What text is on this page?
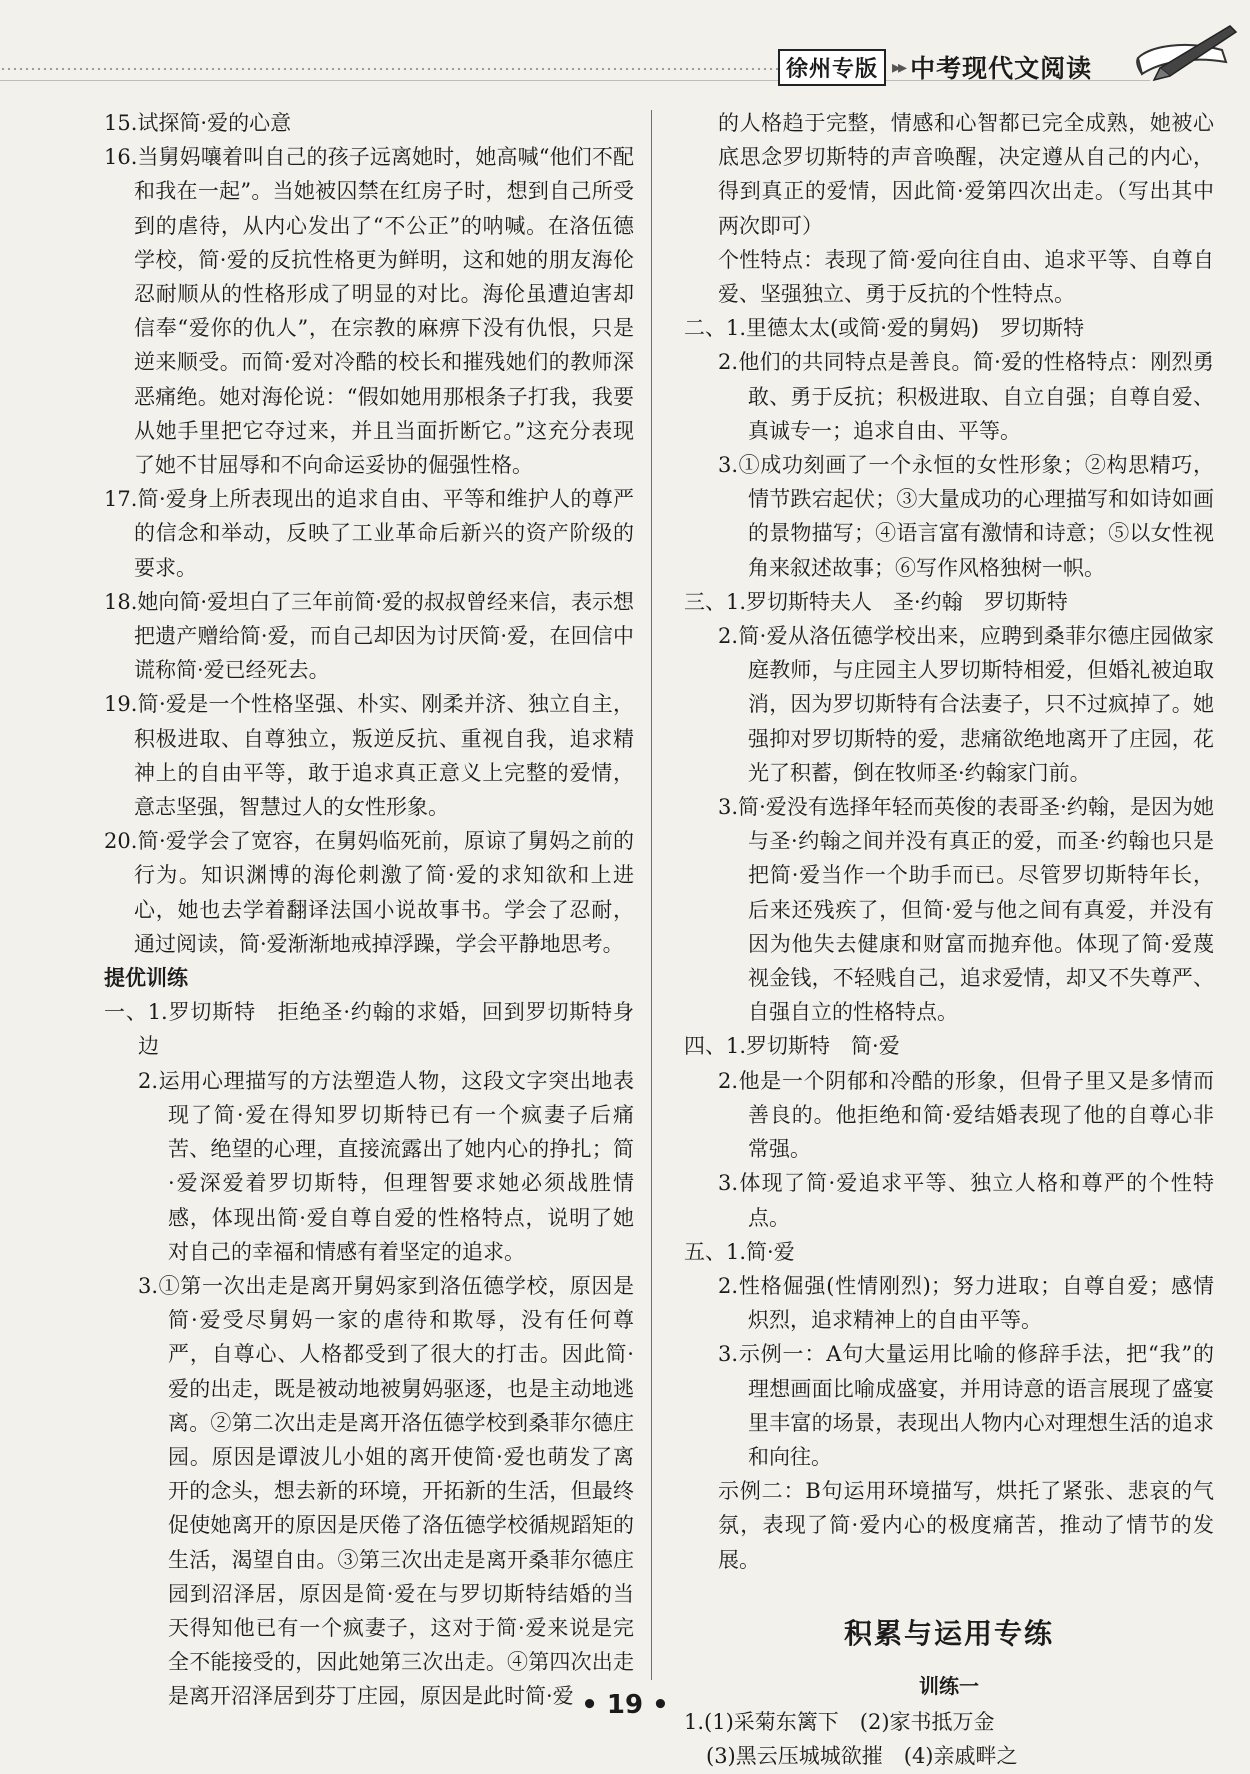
徐州专版 ▸▸ 中考现代文阅读

15.试探简·爱的心意

16.当舅妈嚷着叫自己的孩子远离她时，她高喊“他们不配和我在一起”。当她被囚禁在红房子时，想到自己所受到的虐待，从内心发出了“不公正”的呐喊。在洛伍德学校，简·爱的反抗性格更为鲜明，这和她的朋友海伦忍耐顺从的性格形成了明显的对比。海伦虽遭迫害却信奉“爱你的仇人”，在宗教的麻痹下没有仇恨，只是逆来顺受。而简·爱对冷酷的校长和摧残她们的教师深恶痛绝。她对海伦说：“假如她用那根条子打我，我要从她手里把它夺过来，并且当面折断它。”这充分表现了她不甘屈辱和不向命运妥协的倔强性格。

17.简·爱身上所表现出的追求自由、平等和维护人的尊严的信念和举动，反映了工业革命后新兴的资产阶级的要求。

18.她向简·爱坦白了三年前简·爱的叔叔曾经来信，表示想把遗产赠给简·爱，而自己却因为讨厌简·爱，在回信中谎称简·爱已经死去。

19.简·爱是一个性格坚强、朴实、刚柔并济、独立自主，积极进取、自尊独立，叛逆反抗、重视自我，追求精神上的自由平等，敢于追求真正意义上完整的爱情，意志坚强，智慧过人的女性形象。

20.简·爱学会了宽容，在舅妈临死前，原谅了舅妈之前的行为。知识渊博的海伦刺激了简·爱的求知欲和上进心，她也去学着翻译法国小说故事书。学会了忍耐，通过阅读，简·爱渐渐地戒掉浮躁，学会平静地思考。

提优训练

一、1.罗切斯特　拒绝圣·约翰的求婚，回到罗切斯特身边

2.运用心理描写的方法塑造人物，这段文字突出地表现了简·爱在得知罗切斯特已有一个疯妻子后痛苦、绝望的心理，直接流露出了她内心的挣扎；简·爱深爱着罗切斯特，但理智要求她必须战胜情感，体现出简·爱自尊自爱的性格特点，说明了她对自己的幸福和情感有着坚定的追求。

3.①第一次出走是离开舅妈家到洛伍德学校，原因是简·爱受尽舅妈一家的虐待和欺辱，没有任何尊严，自尊心、人格都受到了很大的打击。因此简·爱的出走，既是被动地被舅妈驱逐，也是主动地逃离。②第二次出走是离开洛伍德学校到桑菲尔德庄园。原因是谭波儿小姐的离开使简·爱也萌发了离开的念头，想去新的环境，开拓新的生活，但最终促使她离开的原因是厌倦了洛伍德学校循规蹈矩的生活，渴望自由。③第三次出走是离开桑菲尔德庄园到沼泽居，原因是简·爱在与罗切斯特结婚的当天得知他已有一个疯妻子，这对于简·爱来说是完全不能接受的，因此她第三次出走。④第四次出走是离开沼泽居到芬丁庄园，原因是此时简·爱

的人格趋于完整，情感和心智都已完全成熟，她被心底思念罗切斯特的声音唤醒，决定遵从自己的内心，得到真正的爱情，因此简·爱第四次出走。（写出其中两次即可）

个性特点：表现了简·爱向往自由、追求平等、自尊自爱、坚强独立、勇于反抗的个性特点。

二、1.里德太太(或简·爱的舅妈)　罗切斯特

2.他们的共同特点是善良。简·爱的性格特点：刚烈勇敢、勇于反抗；积极进取、自立自强；自尊自爱、真诚专一；追求自由、平等。

3.①成功刻画了一个永恒的女性形象；②构思精巧，情节跌宕起伏；③大量成功的心理描写和如诗如画的景物描写；④语言富有激情和诗意；⑤以女性视角来叙述故事；⑥写作风格独树一帜。

三、1.罗切斯特夫人　圣·约翰　罗切斯特

2.简·爱从洛伍德学校出来，应聘到桑菲尔德庄园做家庭教师，与庄园主人罗切斯特相爱，但婚礼被迫取消，因为罗切斯特有合法妻子，只不过疯掉了。她强抑对罗切斯特的爱，悲痛欲绝地离开了庄园，花光了积蓄，倒在牧师圣·约翰家门前。

3.简·爱没有选择年轻而英俊的表哥圣·约翰，是因为她与圣·约翰之间并没有真正的爱，而圣·约翰也只是把简·爱当作一个助手而已。尽管罗切斯特年长，后来还残疾了，但简·爱与他之间有真爱，并没有因为他失去健康和财富而抛弃他。体现了简·爱蔑视金钱，不轻贱自己，追求爱情，却又不失尊严、自强自立的性格特点。

四、1.罗切斯特　简·爱

2.他是一个阴郁和冷酷的形象，但骨子里又是多情而善良的。他拒绝和简·爱结婚表现了他的自尊心非常强。

3.体现了简·爱追求平等、独立人格和尊严的个性特点。

五、1.简·爱

2.性格倔强(性情刚烈)；努力进取；自尊自爱；感情炽烈，追求精神上的自由平等。

3.示例一：A句大量运用比喻的修辞手法，把“我”的理想画面比喻成盛宴，并用诗意的语言展现了盛宴里丰富的场景，表现出人物内心对理想生活的追求和向往。

示例二：B句运用环境描写，烘托了紧张、悲哀的气氛，表现了简·爱内心的极度痛苦，推动了情节的发展。

积累与运用专练

训练一

1.(1)采菊东篱下　(2)家书抵万金

(3)黑云压城城欲摧　(4)亲戚畔之

• 19 •
